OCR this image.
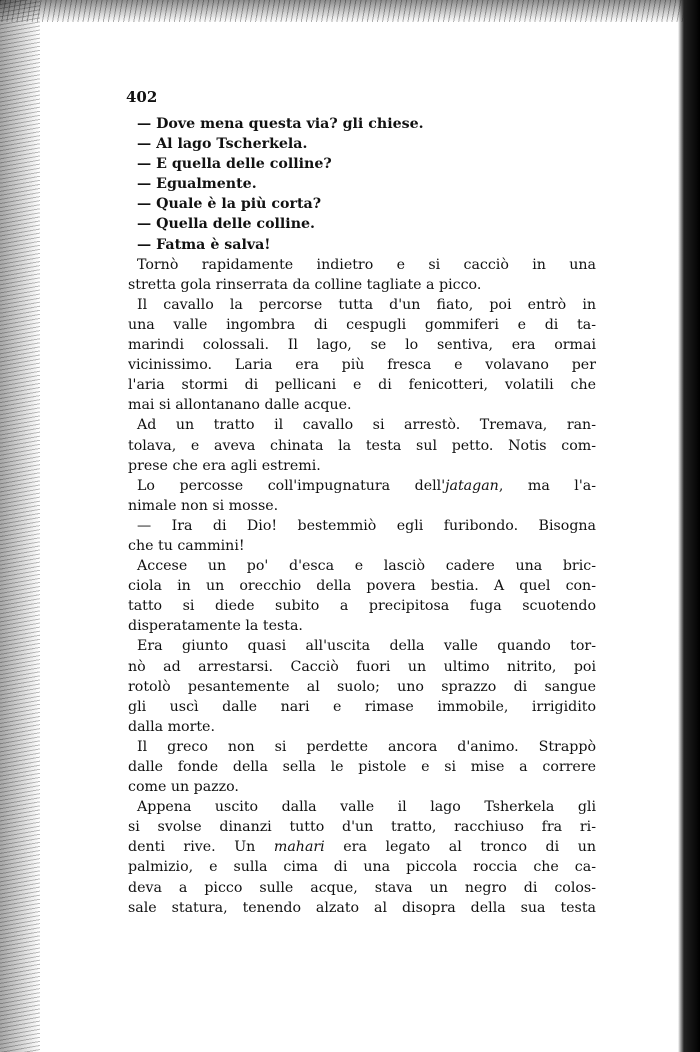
402
— Dove mena questa via? gli chiese.
— Al lago Tscherkela.
— E quella delle colline?
— Egualmente.
— Quale è la più corta?
— Quella delle colline.
— Fatma è salva!
Tornò rapidamente indietro e si cacciò in una
stretta gola rinserrata da colline tagliate a picco.
Il cavallo la percorse tutta d'un fiato, poi entrò in
una valle ingombra di cespugli gommiferi e di ta-
marindi colossali. Il lago, se lo sentiva, era ormai
vicinissimo. Laria era più fresca e volavano per
l'aria stormi di pellicani e di fenicotteri, volatili che
mai si allontanano dalle acque.
Ad un tratto il cavallo si arrestò. Tremava, ran-
tolava, e aveva chinata la testa sul petto. Notis com-
prese che era agli estremi.
Lo percosse coll'impugnatura dell'jatagan, ma l'a-
nimale non si mosse.
— Ira di Dio! bestemmiò egli furibondo. Bisogna
che tu cammini!
Accese un po' d'esca e lasciò cadere una bric-
ciola in un orecchio della povera bestia. A quel con-
tatto si diede subito a precipitosa fuga scuotendo
disperatamente la testa.
Era giunto quasi all'uscita della valle quando tor-
nò ad arrestarsi. Cacciò fuori un ultimo nitrito, poi
rotolò pesantemente al suolo; uno sprazzo di sangue
gli uscì dalle nari e rimase immobile, irrigidito
dalla morte.
Il greco non si perdette ancora d'animo. Strappò
dalle fonde della sella le pistole e si mise a correre
come un pazzo.
Appena uscito dalla valle il lago Tsherkela gli
si svolse dinanzi tutto d'un tratto, racchiuso fra ri-
denti rive. Un mahari era legato al tronco di un
palmizio, e sulla cima di una piccola roccia che ca-
deva a picco sulle acque, stava un negro di colos-
sale statura, tenendo alzato al disopra della sua testa
